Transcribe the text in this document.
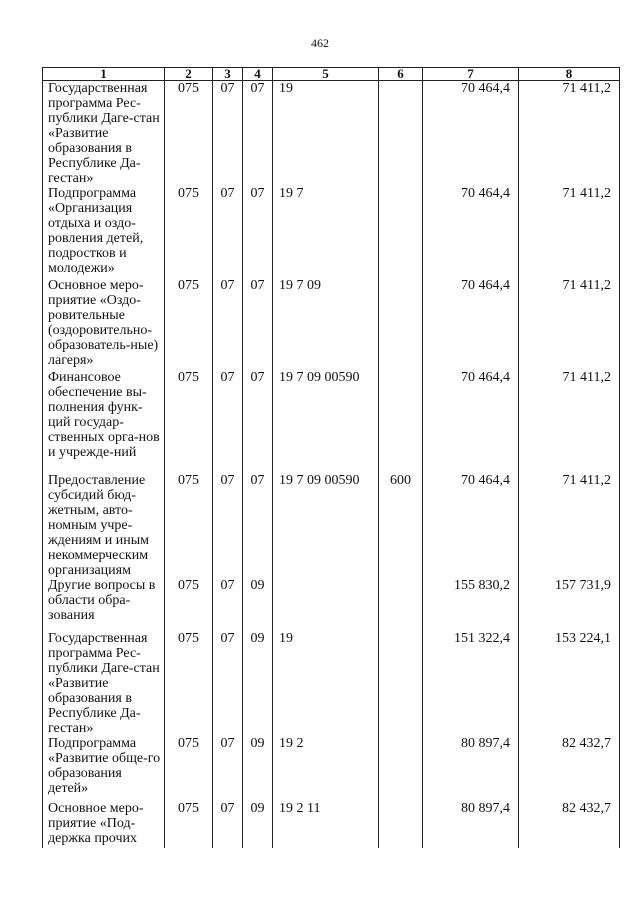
462
1	2	3	4	5	6	7	8
Государственная программа Рес-публики Даге-стан «Развитие образования в Республике Да-гестан»	075	07	07	19		70 464,4	71 411,2
Подпрограмма «Организация отдыха и оздо-ровления детей, подростков и молодежи»	075	07	07	19 7		70 464,4	71 411,2
Основное меро-приятие «Оздо-ровительные (оздоровительно-образователь-ные) лагеря»	075	07	07	19 7 09		70 464,4	71 411,2
Финансовое обеспечение вы-полнения функ-ций государ-ственных орга-нов и учрежде-ний	075	07	07	19 7 09 00590		70 464,4	71 411,2
Предоставление субсидий бюд-жетным, авто-номным учре-ждениям и иным некоммерческим организациям	075	07	07	19 7 09 00590	600	70 464,4	71 411,2
Другие вопросы в области обра-зования	075	07	09			155 830,2	157 731,9
Государственная программа Рес-публики Даге-стан «Развитие образования в Республике Да-гестан»	075	07	09	19		151 322,4	153 224,1
Подпрограмма «Развитие обще-го образования детей»	075	07	09	19 2		80 897,4	82 432,7
Основное меро-приятие «Под-держка прочих	075	07	09	19 2 11		80 897,4	82 432,7
